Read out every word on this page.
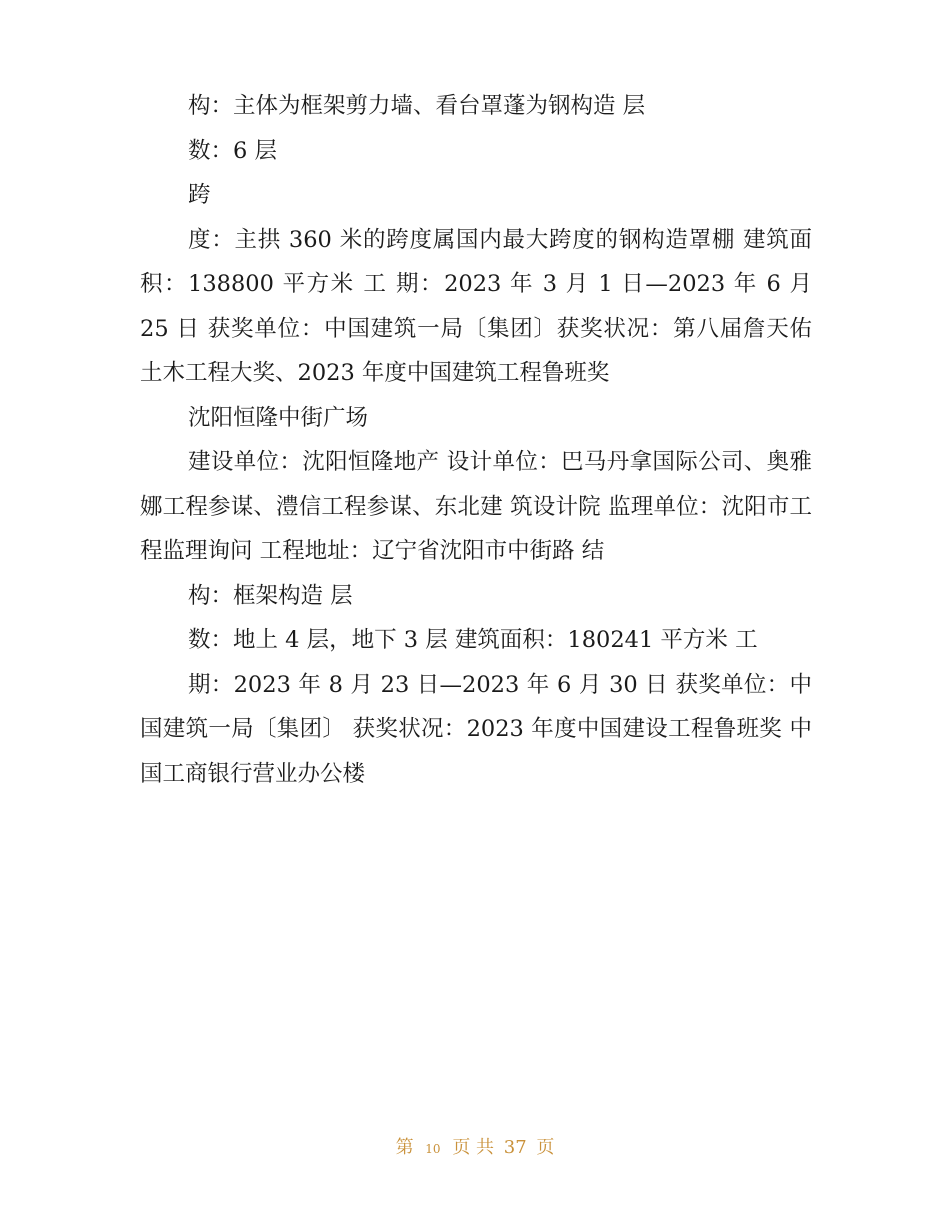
构：主体为框架剪力墙、看台罩蓬为钢构造 层

数：6 层

跨

度：主拱 360 米的跨度属国内最大跨度的钢构造罩棚 建筑面积：138800 平方米 工 期：2023 年 3 月 1 日—2023 年 6 月 25 日 获奖单位：中国建筑一局〔集团〕获奖状况：第八届詹天佑土木工程大奖、2023 年度中国建筑工程鲁班奖

沈阳恒隆中街广场

建设单位：沈阳恒隆地产 设计单位：巴马丹拿国际公司、奥雅娜工程参谋、澧信工程参谋、东北建 筑设计院 监理单位：沈阳市工程监理询问 工程地址：辽宁省沈阳市中街路 结

构：框架构造 层

数：地上 4 层，地下 3 层 建筑面积：180241 平方米 工

期：2023 年 8 月 23 日—2023 年 6 月 30 日 获奖单位：中国建筑一局〔集团〕 获奖状况：2023 年度中国建设工程鲁班奖 中国工商银行营业办公楼

第 10 页 共 37 页
